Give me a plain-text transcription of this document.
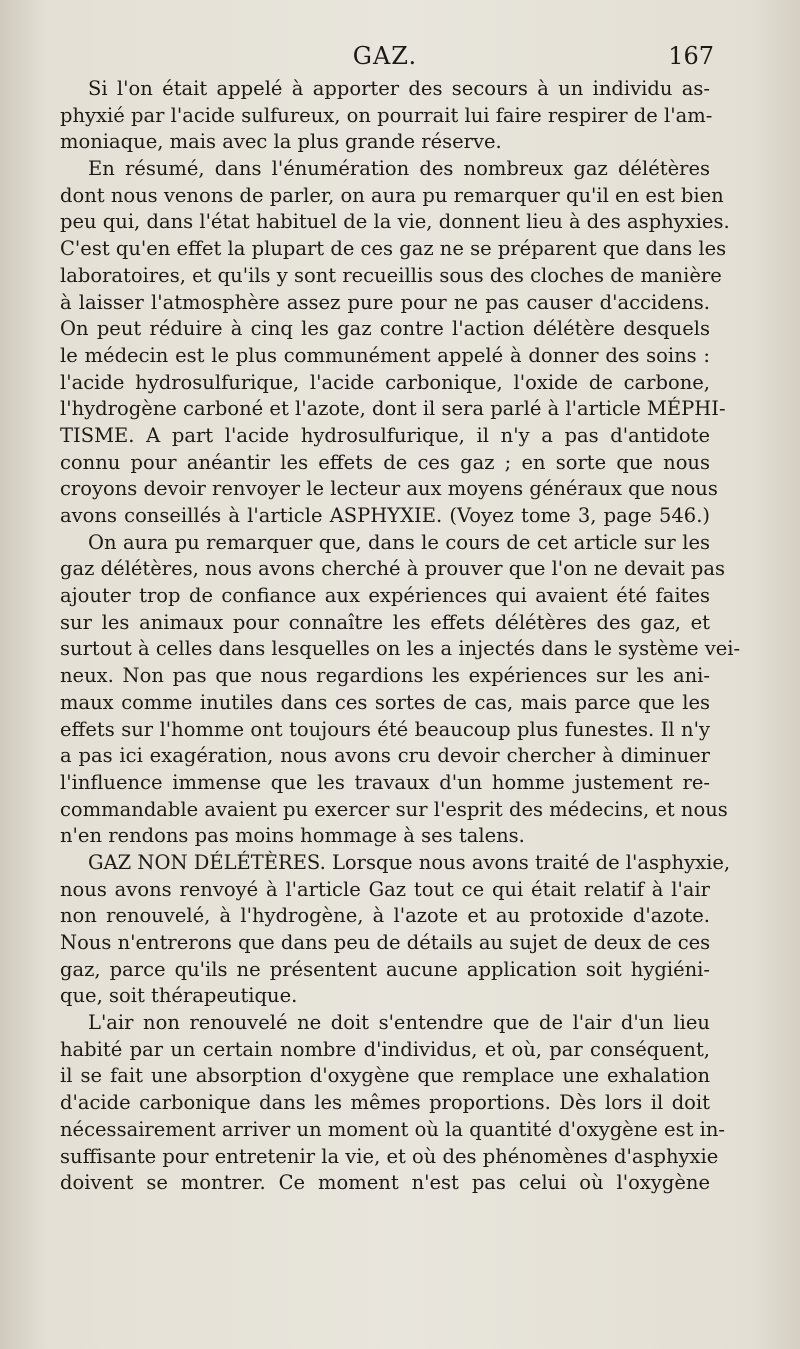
GAZ.	167
Si l'on était appelé à apporter des secours à un individu as-
phyxié par l'acide sulfureux, on pourrait lui faire respirer de l'am-
moniaque, mais avec la plus grande réserve.
En résumé, dans l'énumération des nombreux gaz délétères
dont nous venons de parler, on aura pu remarquer qu'il en est bien
peu qui, dans l'état habituel de la vie, donnent lieu à des asphyxies.
C'est qu'en effet la plupart de ces gaz ne se préparent que dans les
laboratoires, et qu'ils y sont recueillis sous des cloches de manière
à laisser l'atmosphère assez pure pour ne pas causer d'accidens.
On peut réduire à cinq les gaz contre l'action délétère desquels
le médecin est le plus communément appelé à donner des soins :
l'acide hydrosulfurique, l'acide carbonique, l'oxide de carbone,
l'hydrogène carboné et l'azote, dont il sera parlé à l'article MÉPHI-
TISME. A part l'acide hydrosulfurique, il n'y a pas d'antidote
connu pour anéantir les effets de ces gaz ; en sorte que nous
croyons devoir renvoyer le lecteur aux moyens généraux que nous
avons conseillés à l'article ASPHYXIE. (Voyez tome 3, page 546.)
On aura pu remarquer que, dans le cours de cet article sur les
gaz délétères, nous avons cherché à prouver que l'on ne devait pas
ajouter trop de confiance aux expériences qui avaient été faites
sur les animaux pour connaître les effets délétères des gaz, et
surtout à celles dans lesquelles on les a injectés dans le système vei-
neux. Non pas que nous regardions les expériences sur les ani-
maux comme inutiles dans ces sortes de cas, mais parce que les
effets sur l'homme ont toujours été beaucoup plus funestes. Il n'y
a pas ici exagération, nous avons cru devoir chercher à diminuer
l'influence immense que les travaux d'un homme justement re-
commandable avaient pu exercer sur l'esprit des médecins, et nous
n'en rendons pas moins hommage à ses talens.
GAZ NON DÉLÉTÈRES. Lorsque nous avons traité de l'asphyxie,
nous avons renvoyé à l'article Gaz tout ce qui était relatif à l'air
non renouvelé, à l'hydrogène, à l'azote et au protoxide d'azote.
Nous n'entrerons que dans peu de détails au sujet de deux de ces
gaz, parce qu'ils ne présentent aucune application soit hygiéni-
que, soit thérapeutique.
L'air non renouvelé ne doit s'entendre que de l'air d'un lieu
habité par un certain nombre d'individus, et où, par conséquent,
il se fait une absorption d'oxygène que remplace une exhalation
d'acide carbonique dans les mêmes proportions. Dès lors il doit
nécessairement arriver un moment où la quantité d'oxygène est in-
suffisante pour entretenir la vie, et où des phénomènes d'asphyxie
doivent se montrer. Ce moment n'est pas celui où l'oxygène
